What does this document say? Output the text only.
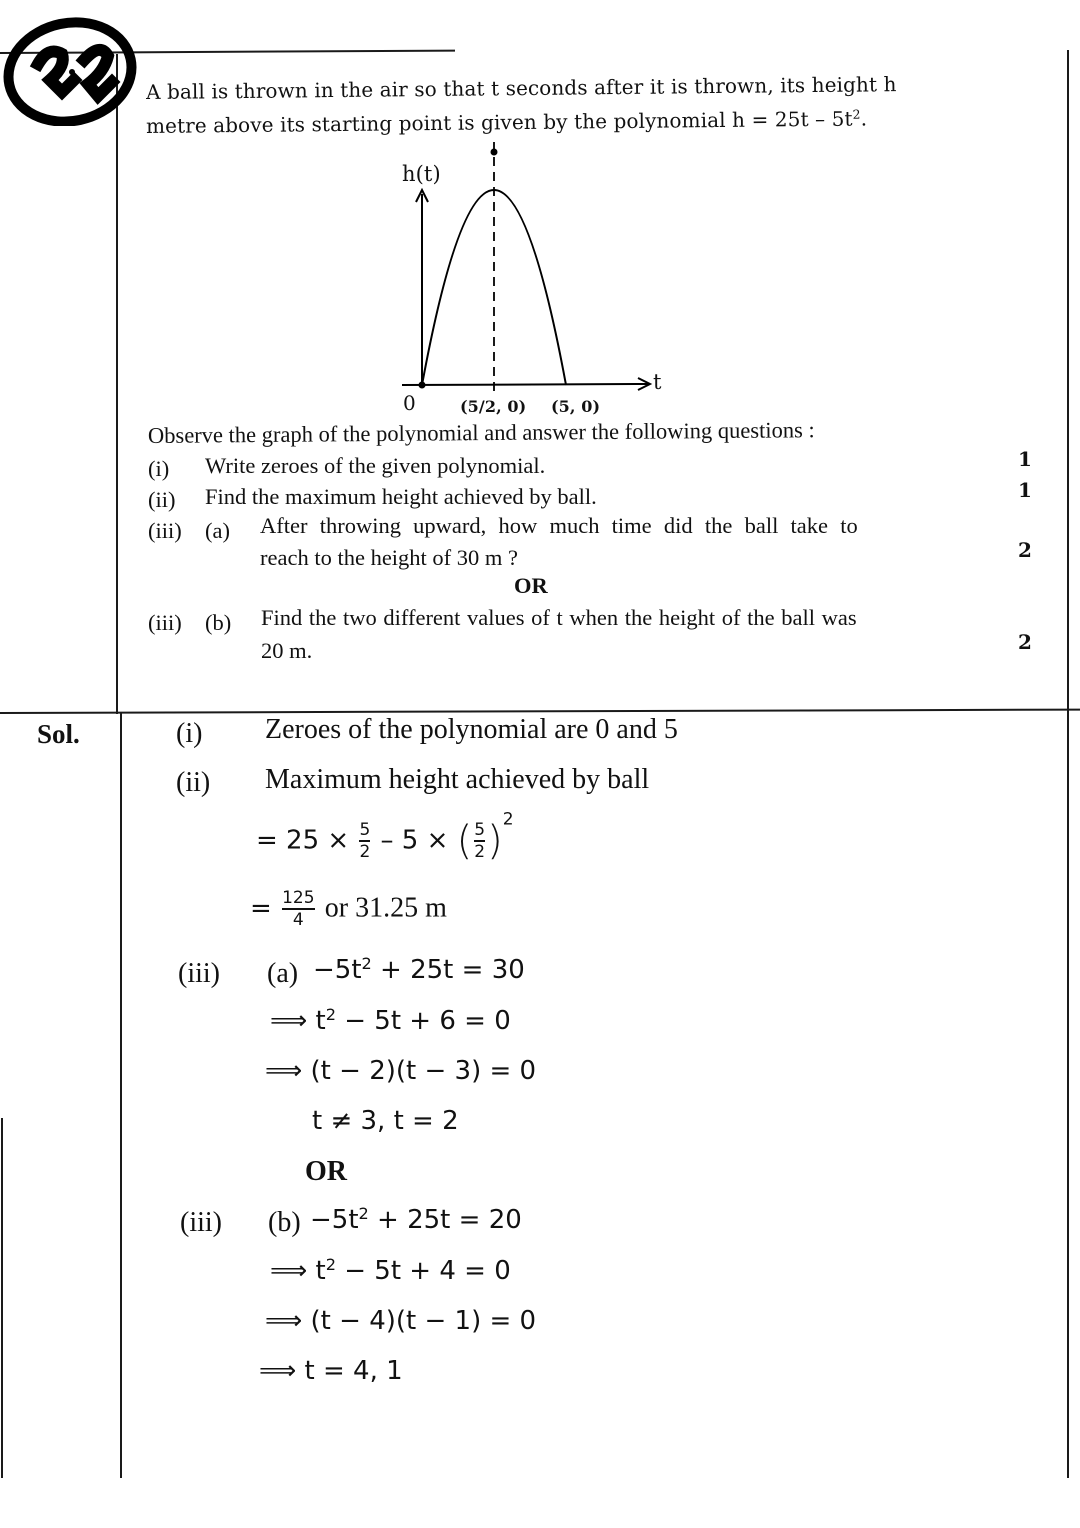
A ball is thrown in the air so that t seconds after it is thrown, its height h
metre above its starting point is given by the polynomial $h = 25t - 5t^2$.
h(t)
t
0	(5/2, 0) (5, 0)
Observe the graph of the polynomial and answer the following questions :
(i) Write zeroes of the given polynomial.	1
(ii) Find the maximum height achieved by ball.	1
(iii) (a) After throwing upward, how much time did the ball take to
reach to the height of 30 m ?	2
OR
(iii) (b) Find the two different values of t when the height of the ball was
20 m.	2
Sol.	(i) Zeroes of the polynomial are 0 and 5
(ii) Maximum height achieved by ball
= $25 \times \frac{5}{2} - 5$ × ( $\frac{5}{2} )^2$
= $\frac{125}{4}$ or 31.25 m
(iii) $(a) -5t^2 + 25t = 30$
⟹ $t^2 - 5t + 6 = 0$
⟹ (t − 2)(t − 3) = 0
t ≠ 3, t = 2
OR
(iii) $(b) -5t^2 + 25t = 20$
⟹ $t^2 - 5t + 4 = 0$
⟹ (t − 4)(t − 1) = 0
⟹ t = 4, 1
